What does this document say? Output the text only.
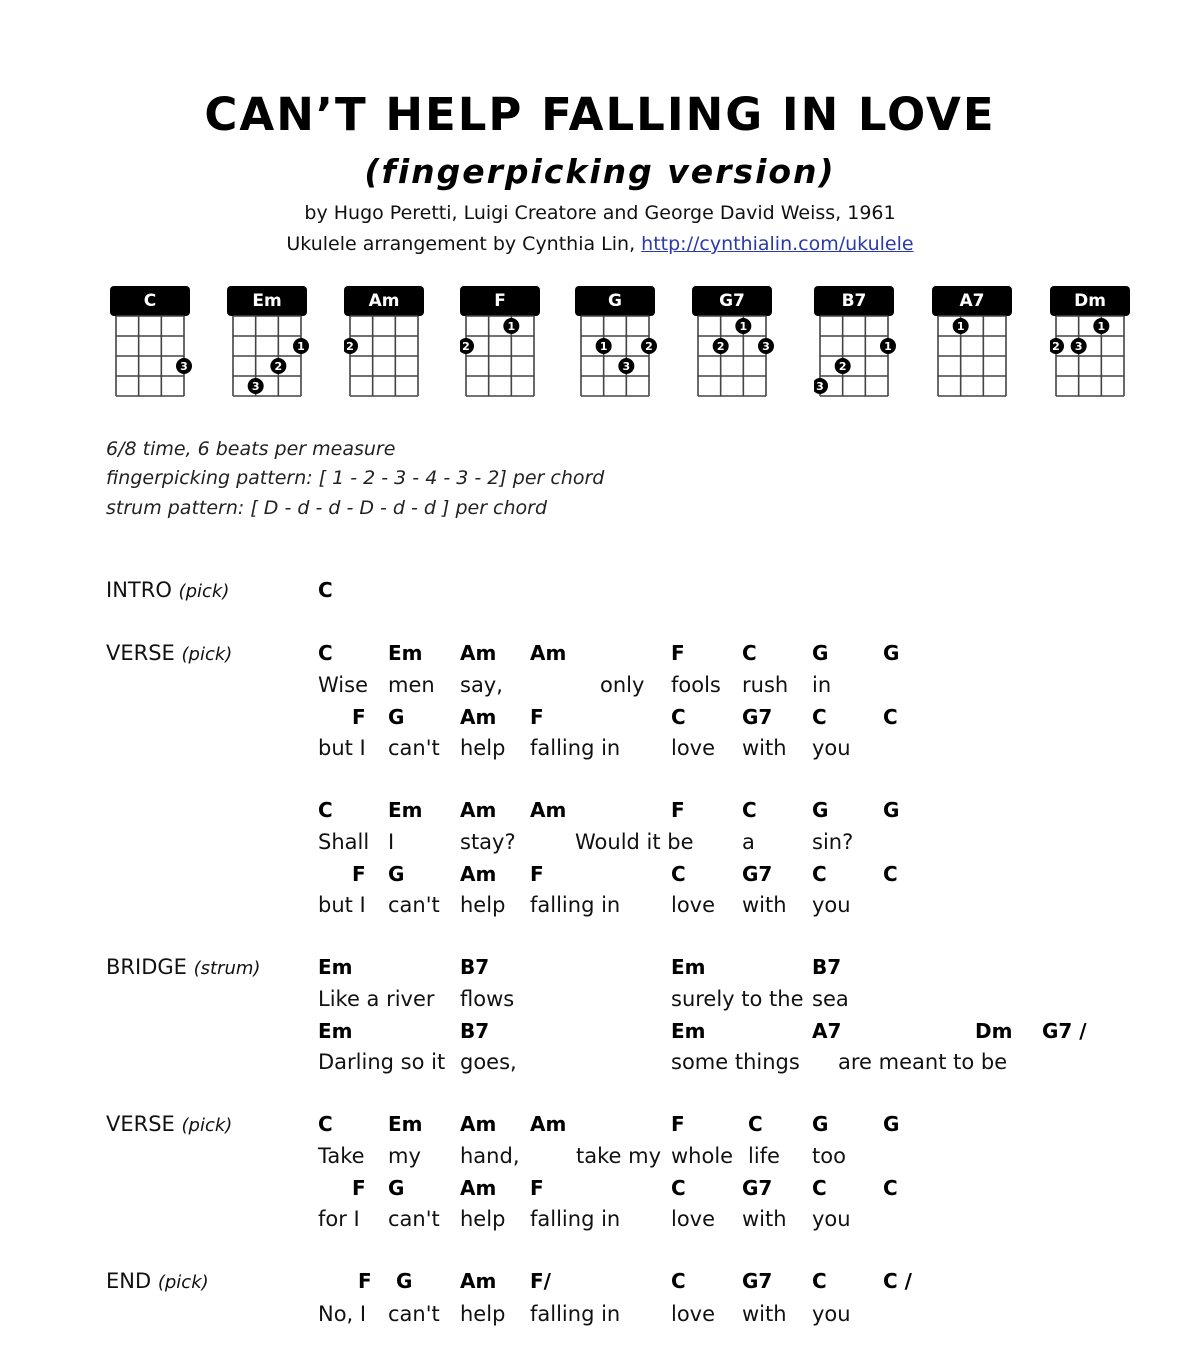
CAN’T HELP FALLING IN LOVE
(fingerpicking version)
by Hugo Peretti, Luigi Creatore and George David Weiss, 1961
Ukulele arrangement by Cynthia Lin, http://cynthialin.com/ukulele
C
3
Em
1
2
3
Am
2
F
1
2
G
1	2
3
G7
1
2	3
B7
1
2
3
A7
1
Dm
1
2 3
6/8 time, 6 beats per measure
fingerpicking pattern: [ 1 - 2 - 3 - 4 - 3 - 2] per chord
strum pattern: [ D - d - d - D - d - d ] per chord
INTRO (pick)
VERSE (pick)
BRIDGE (strum)
VERSE (pick)
END (pick)
C
C	Em Am Am	F	C	G	G
Wise men say,	only fools rush in
F G	Am F	C	G7 C	C
but I can't help falling in love with you
C	Em Am Am	F	C	G	G
Shall I	stay?	Would it be a	sin?
F G	Am F	C	G7 C	C
but I can't help falling in love with you
Em	B7	Em	B7
Like a river flows	surely to the sea
Em	B7	Em	A7	Dm G7 /
Darling so it goes,	some things are meant to be
C	Em Am Am	F	C G	G
Take my hand,	take my whole life too
F G	Am F	C	G7 C	C
for I can't help falling in love with you
F G Am F/	C	G7 C	C /
No, I can't help falling in love with you
